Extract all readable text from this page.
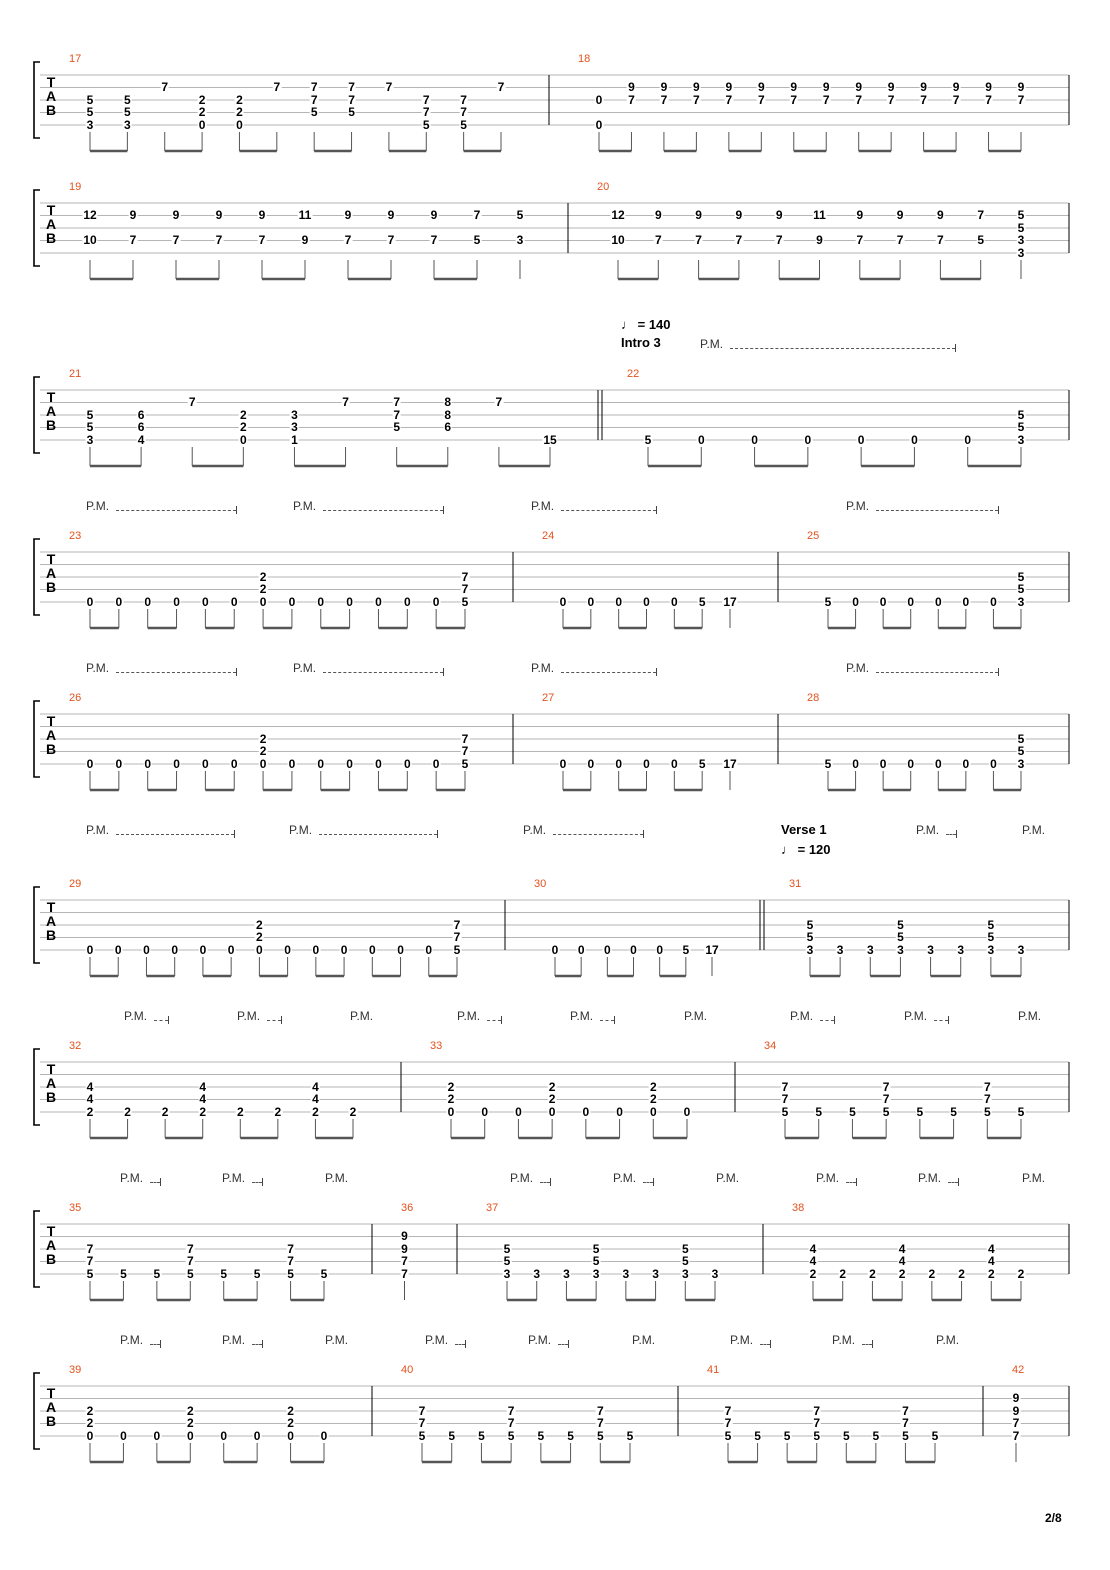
T
A
B
17
5
5
3
5
5
3
7
2
2
0
2
2
0
7	7
7
5
7
7
5
7
7
7
5
7
7
5
7
18
0
0
9
7
9
7
9
7
9
7
9
7
9
7
9
7
9
7
9
7
9
7
9
7
9
7
9
7
T
A
B
19
12
10
9
7
9
7
9
7
9
7
11
9
9
7
9
7
9
7
7
5
5
3
20
12
10
9
7
9
7
9
7
9
7
11
9
9
7
9
7
9
7
7
5
5
5
3
3
T
A
B
21
5
5
3
6
6
4
7
2
2
0
3
3
1
7	7
7
5
8
8
6
7
15
22
5	0	0	0	0	0	0
5
5
3
T
A
B
23
0 0 0 0 0 0
2
2
0 0 0 0 0 0 0
7
7
5
24
0 0 0 0 0 5 17
25
5 0 0 0 0 0 0
5
5
3
T
A
B
26
0 0 0 0 0 0
2
2
0 0 0 0 0 0 0
7
7
5
27
0 0 0 0 0 5 17
28
5 0 0 0 0 0 0
5
5
3
T
A
B
29
0 0 0 0 0 0
2
2
0 0 0 0 0 0 0
7
7
5
30
0 0 0 0 0 5 17
31
5
5
3 3 3
5
5
3 3 3
5
5
3 3
T
A
B
32
4
4
2	2	2
4
4
2	2	2
4
4
2	2
33
2
2
0 0 0
2
2
0 0 0
2
2
0 0
34
7
7
5 5 5
7
7
5 5 5
7
7
5 5
T
A
B
35
7
7
5 5 5
7
7
5 5 5
7
7
5 5
36
9
9
7
7
37
5
5
3 3 3
5
5
3 3 3
5
5
3 3
38
4
4
2 2 2
4
4
2 2 2
4
4
2 2
T
A
B
39
2
2
0 0 0
2
2
0 0 0
2
2
0 0
40
7
7
5 5 5
7
7
5 5 5
7
7
5 5
41
7
7
5 5 5
7
7
5 5 5
7
7
5 5
42
9
9
7
7
Intro 3
♩ = 140
Verse 1
♩ = 120
P.M.
P.M.	P.M.	P.M.	P.M.
P.M.	P.M.	P.M.	P.M.
P.M.	P.M.	P.M.	P.M.	P.M.
P.M.	P.M.	P.M.	P.M.	P.M.	P.M.	P.M.	P.M.	P.M.
P.M.	P.M.	P.M.	P.M.	P.M.	P.M.	P.M.	P.M.	P.M.
P.M.	P.M.	P.M.	P.M.	P.M.	P.M.	P.M.	P.M.	P.M.
2/8
